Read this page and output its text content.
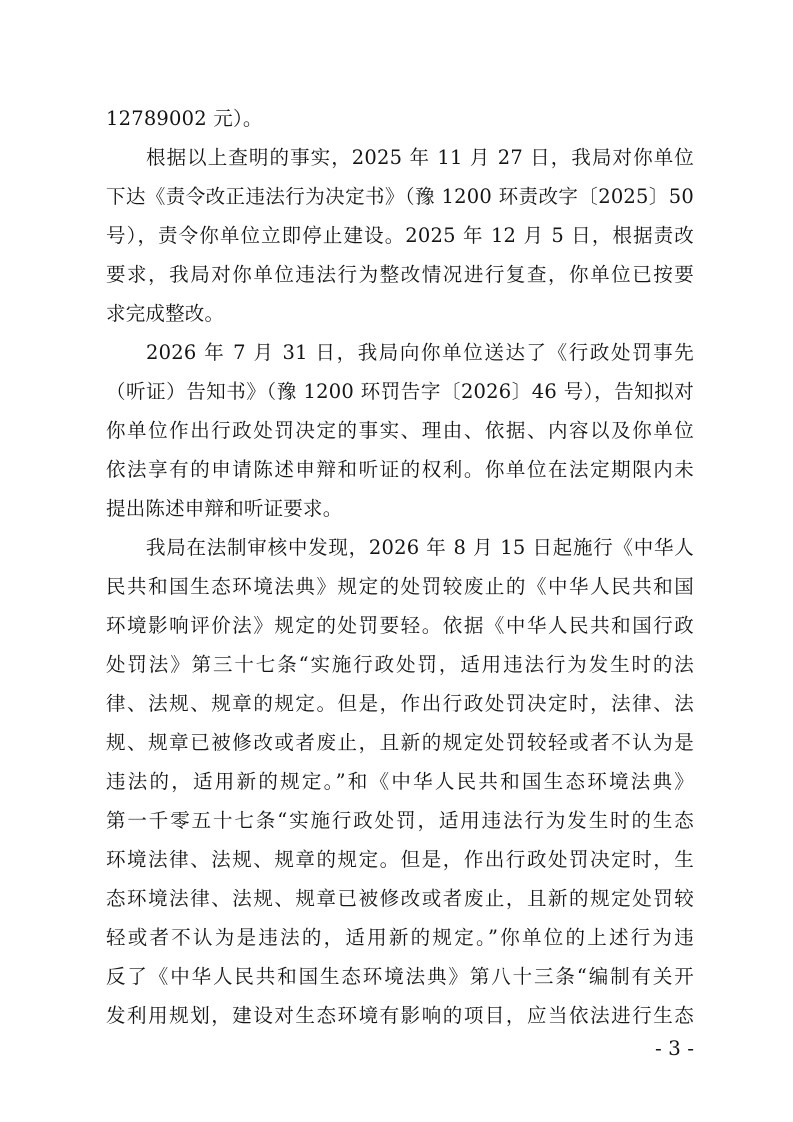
12789002 元）。
根据以上查明的事实，2025 年 11 月 27 日，我局对你单位
下达《责令改正违法行为决定书》（豫 1200 环责改字〔2025〕50
号），责令你单位立即停止建设。2025 年 12 月 5 日，根据责改
要求，我局对你单位违法行为整改情况进行复查，你单位已按要
求完成整改。
2026 年 7 月 31 日，我局向你单位送达了《行政处罚事先
（听证）告知书》（豫 1200 环罚告字〔2026〕46 号），告知拟对
你单位作出行政处罚决定的事实、理由、依据、内容以及你单位
依法享有的申请陈述申辩和听证的权利。你单位在法定期限内未
提出陈述申辩和听证要求。
我局在法制审核中发现，2026 年 8 月 15 日起施行《中华人
民共和国生态环境法典》规定的处罚较废止的《中华人民共和国
环境影响评价法》规定的处罚要轻。依据《中华人民共和国行政
处罚法》第三十七条“实施行政处罚，适用违法行为发生时的法
律、法规、规章的规定。但是，作出行政处罚决定时，法律、法
规、规章已被修改或者废止，且新的规定处罚较轻或者不认为是
违法的，适用新的规定。”和《中华人民共和国生态环境法典》
第一千零五十七条“实施行政处罚，适用违法行为发生时的生态
环境法律、法规、规章的规定。但是，作出行政处罚决定时，生
态环境法律、法规、规章已被修改或者废止，且新的规定处罚较
轻或者不认为是违法的，适用新的规定。”你单位的上述行为违
反了《中华人民共和国生态环境法典》第八十三条“编制有关开
发利用规划，建设对生态环境有影响的项目，应当依法进行生态
- 3 -
